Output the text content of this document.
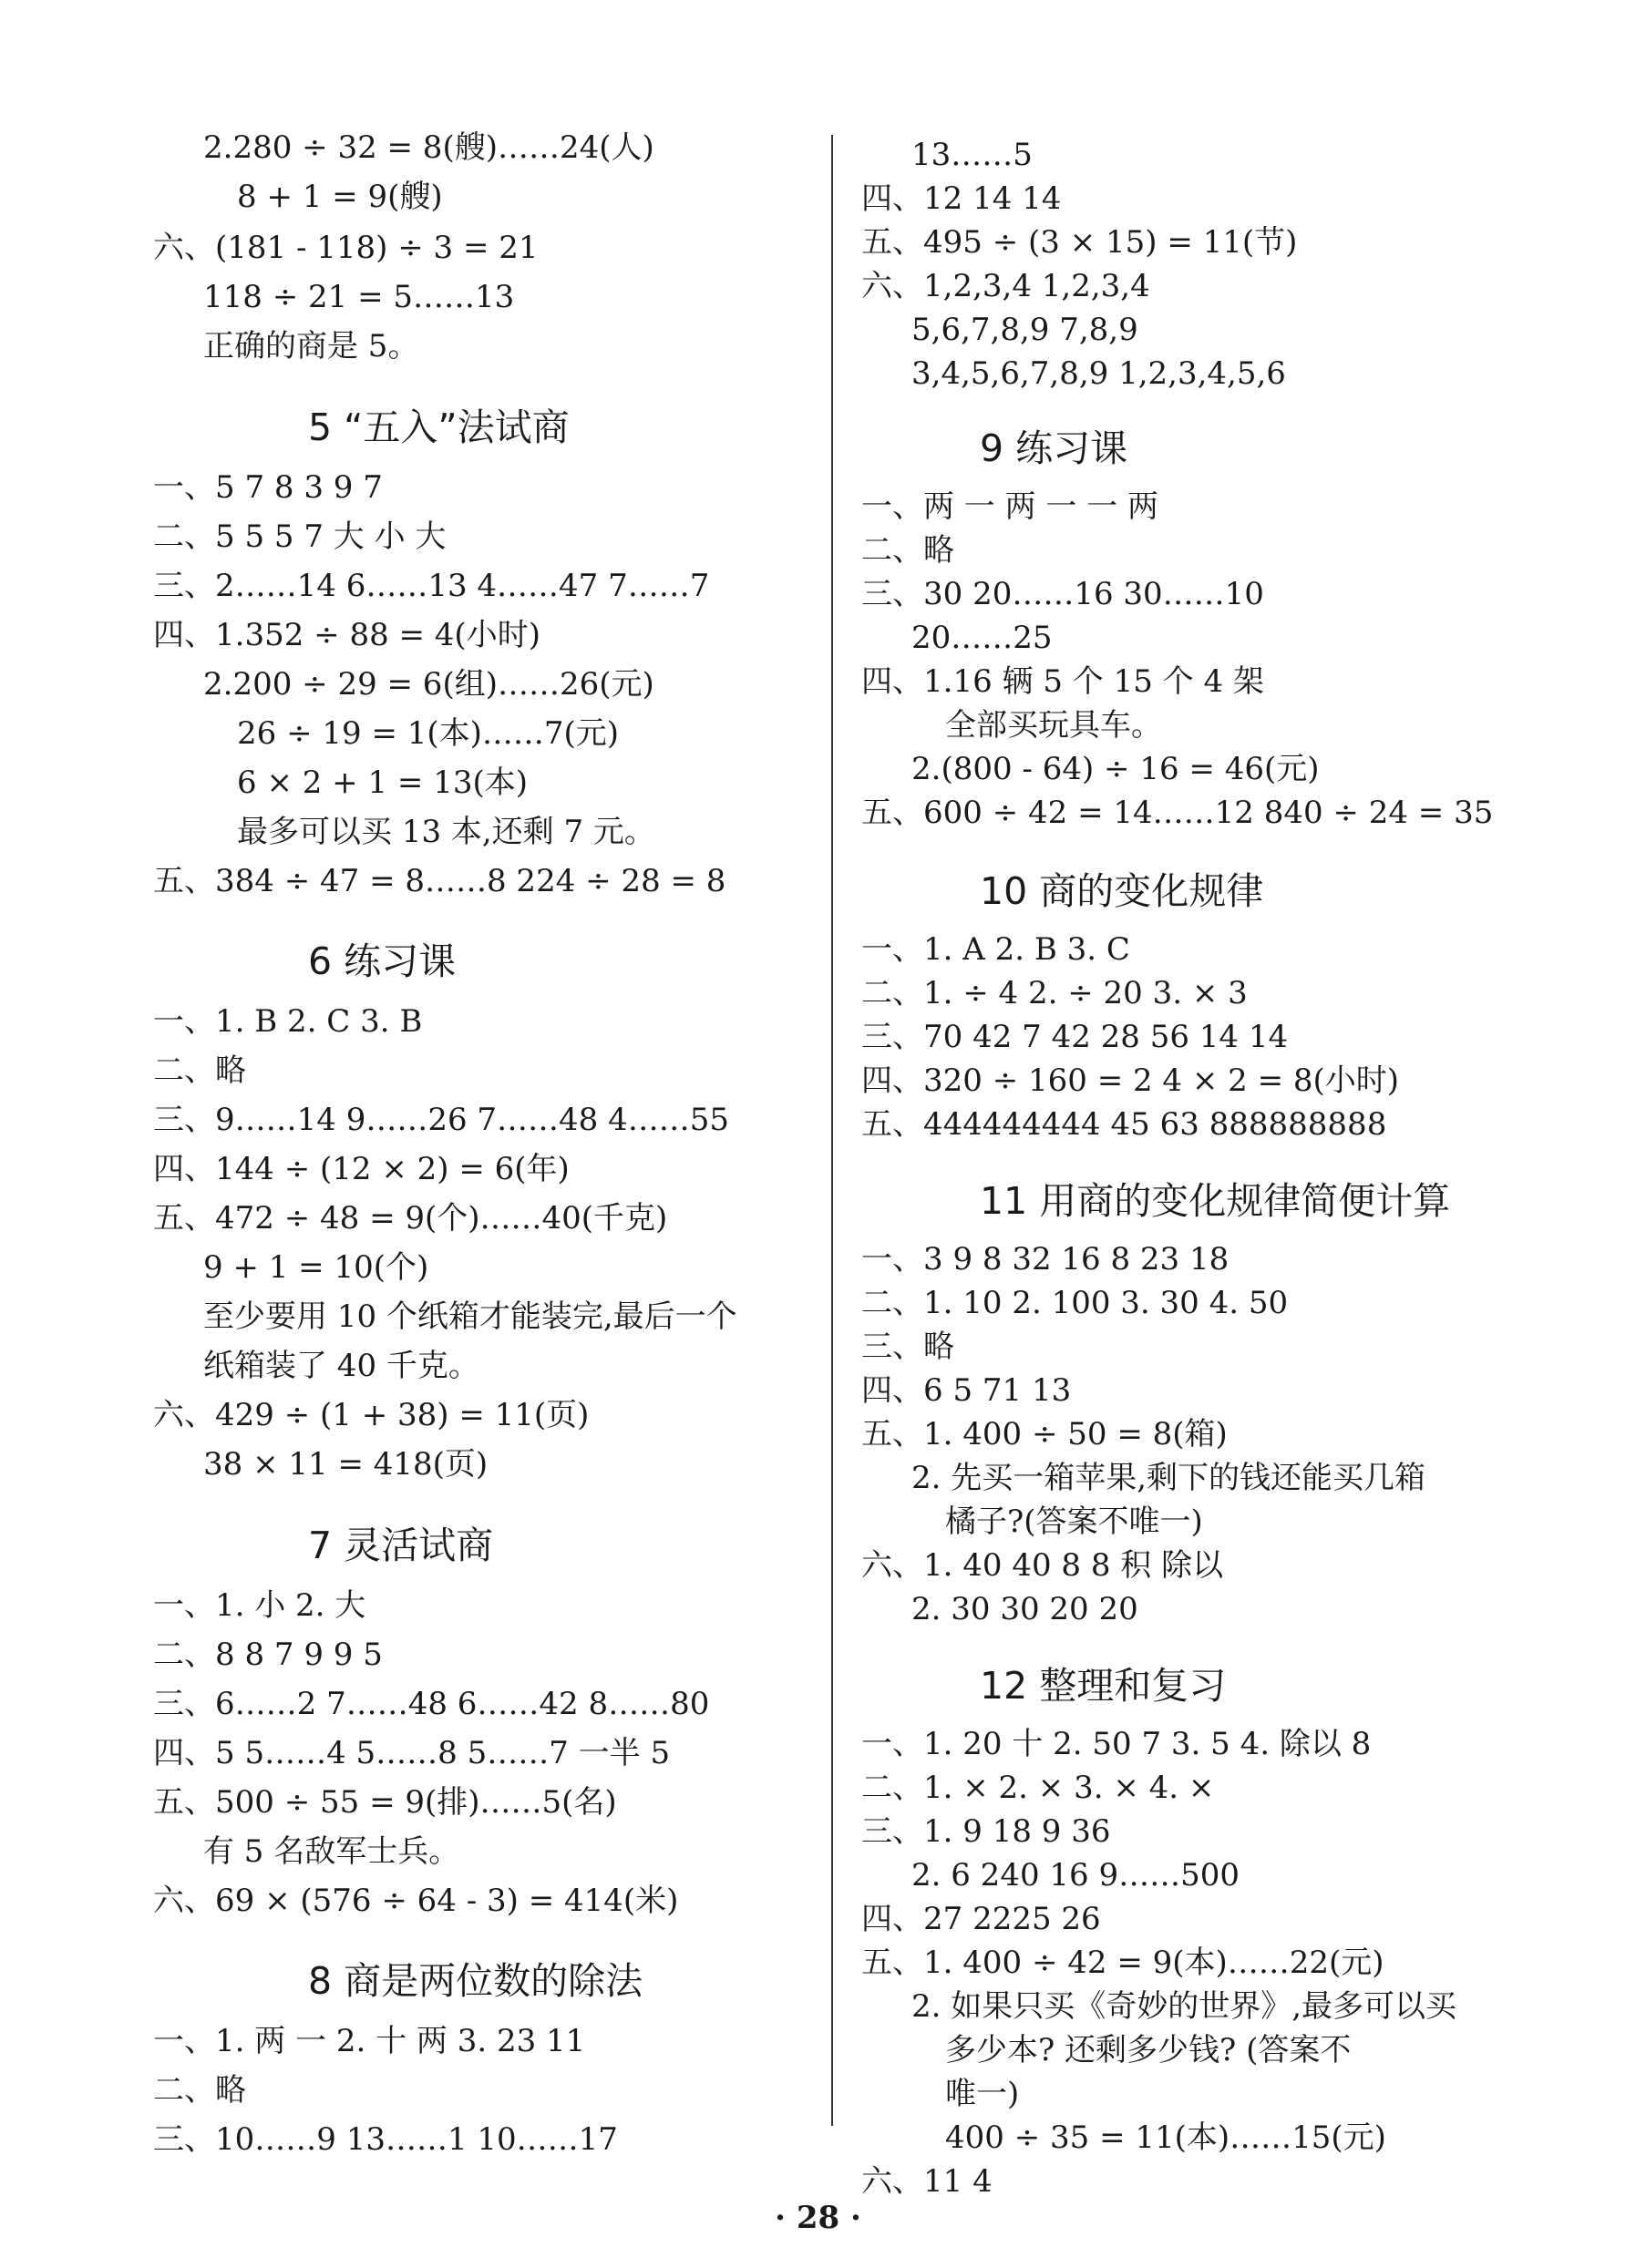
2.280 ÷ 32 = 8(艘)……24(人)
8 + 1 = 9(艘)
六、(181 - 118) ÷ 3 = 21
118 ÷ 21 = 5……13
正确的商是 5。
5 “五入”法试商
一、5 7 8 3 9 7
二、5 5 5 7 大 小 大
三、2……14 6……13 4……47 7……7
四、1.352 ÷ 88 = 4(小时)
2.200 ÷ 29 = 6(组)……26(元)
26 ÷ 19 = 1(本)……7(元)
6 × 2 + 1 = 13(本)
最多可以买 13 本,还剩 7 元。
五、384 ÷ 47 = 8……8 224 ÷ 28 = 8
6 练习课
一、1. B 2. C 3. B
二、略
三、9……14 9……26 7……48 4……55
四、144 ÷ (12 × 2) = 6(年)
五、472 ÷ 48 = 9(个)……40(千克)
9 + 1 = 10(个)
至少要用 10 个纸箱才能装完,最后一个
纸箱装了 40 千克。
六、429 ÷ (1 + 38) = 11(页)
38 × 11 = 418(页)
7 灵活试商
一、1. 小 2. 大
二、8 8 7 9 9 5
三、6……2 7……48 6……42 8……80
四、5 5……4 5……8 5……7 一半 5
五、500 ÷ 55 = 9(排)……5(名)
有 5 名敌军士兵。
六、69 × (576 ÷ 64 - 3) = 414(米)
8 商是两位数的除法
一、1. 两 一 2. 十 两 3. 23 11
二、略
三、10……9 13……1 10……17
13……5
四、12 14 14
五、495 ÷ (3 × 15) = 11(节)
六、1,2,3,4 1,2,3,4
5,6,7,8,9 7,8,9
3,4,5,6,7,8,9 1,2,3,4,5,6
9 练习课
一、两 一 两 一 一 两
二、略
三、30 20……16 30……10
20……25
四、1.16 辆 5 个 15 个 4 架
全部买玩具车。
2.(800 - 64) ÷ 16 = 46(元)
五、600 ÷ 42 = 14……12 840 ÷ 24 = 35
10 商的变化规律
一、1. A 2. B 3. C
二、1. ÷ 4 2. ÷ 20 3. × 3
三、70 42 7 42 28 56 14 14
四、320 ÷ 160 = 2 4 × 2 = 8(小时)
五、444444444 45 63 888888888
11 用商的变化规律简便计算
一、3 9 8 32 16 8 23 18
二、1. 10 2. 100 3. 30 4. 50
三、略
四、6 5 71 13
五、1. 400 ÷ 50 = 8(箱)
2. 先买一箱苹果,剩下的钱还能买几箱
橘子?(答案不唯一)
六、1. 40 40 8 8 积 除以
2. 30 30 20 20
12 整理和复习
一、1. 20 十 2. 50 7 3. 5 4. 除以 8
二、1. × 2. × 3. × 4. ×
三、1. 9 18 9 36
2. 6 240 16 9……500
四、27 2225 26
五、1. 400 ÷ 42 = 9(本)……22(元)
2. 如果只买《奇妙的世界》,最多可以买
多少本? 还剩多少钱? (答案不
唯一)
400 ÷ 35 = 11(本)……15(元)
六、11 4
· 28 ·
